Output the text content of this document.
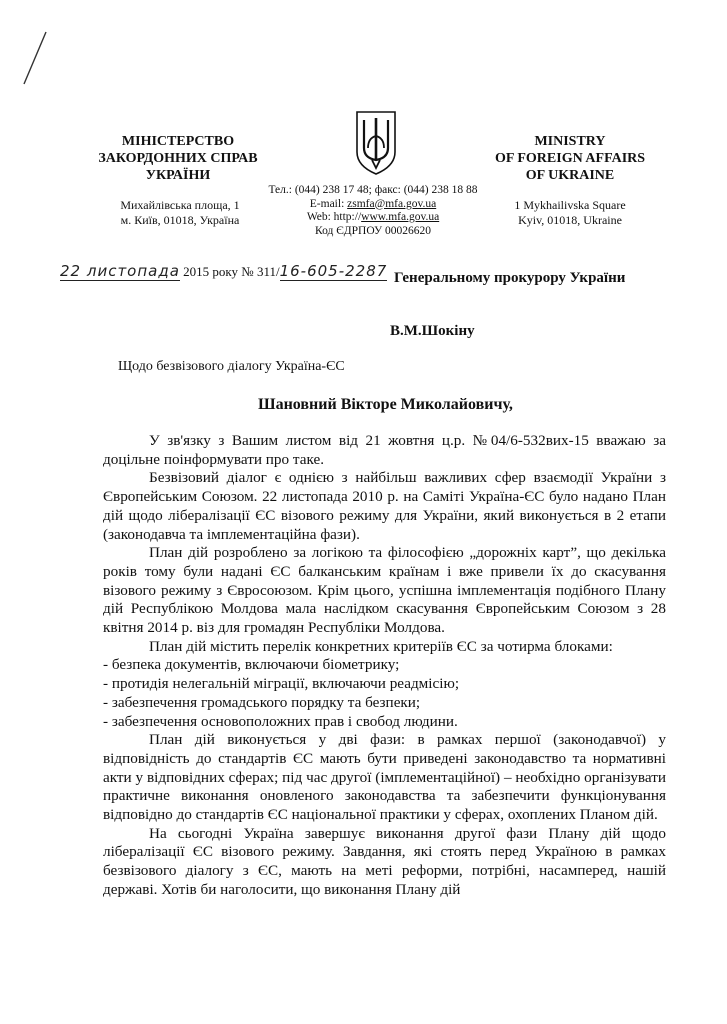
МІНІСТЕРСТВО
ЗАКОРДОННИХ СПРАВ
УКРАЇНИ
MINISTRY
OF FOREIGN AFFAIRS
OF UKRAINE
Михайлівська площа, 1
м. Київ, 01018, Україна
1 Mykhailivska Square
Kyiv, 01018, Ukraine
Тел.: (044) 238 17 48; факс: (044) 238 18 88
E-mail: zsmfa@mfa.gov.ua
Web: http://www.mfa.gov.ua
Код ЄДРПОУ 00026620
22 листопада 2015 року № 311/16-605-2287 Генеральному прокурору України
В.М.Шокіну
Щодо безвізового діалогу Україна-ЄС
Шановний Вікторе Миколайовичу,

У зв'язку з Вашим листом від 21 жовтня ц.р. №04/6-532вих-15 вважаю за доцільне поінформувати про таке.

Безвізовий діалог є однією з найбільш важливих сфер взаємодії України з Європейським Союзом. 22 листопада 2010 р. на Саміті Україна-ЄС було надано План дій щодо лібералізації ЄС візового режиму для України, який виконується в 2 етапи (законодавча та імплементаційна фази).

План дій розроблено за логікою та філософією „дорожніх карт”, що декілька років тому були надані ЄС балканським країнам і вже привели їх до скасування візового режиму з Євросоюзом. Крім цього, успішна імплементація подібного Плану дій Республікою Молдова мала наслідком скасування Європейським Союзом з 28 квітня 2014 р. віз для громадян Республіки Молдова.

План дій містить перелік конкретних критеріїв ЄС за чотирма блоками:

- безпека документів, включаючи біометрику;

- протидія нелегальній міграції, включаючи реадмісію;

- забезпечення громадського порядку та безпеки;

- забезпечення основоположних прав і свобод людини.

План дій виконується у дві фази: в рамках першої (законодавчої) у відповідність до стандартів ЄС мають бути приведені законодавство та нормативні акти у відповідних сферах; під час другої (імплементаційної) – необхідно організувати практичне виконання оновленого законодавства та забезпечити функціонування відповідно до стандартів ЄС національної практики у сферах, охоплених Планом дій.

На сьогодні Україна завершує виконання другої фази Плану дій щодо лібералізації ЄС візового режиму. Завдання, які стоять перед Україною в рамках безвізового діалогу з ЄС, мають на меті реформи, потрібні, насамперед, нашій державі. Хотів би наголосити, що виконання Плану дій
